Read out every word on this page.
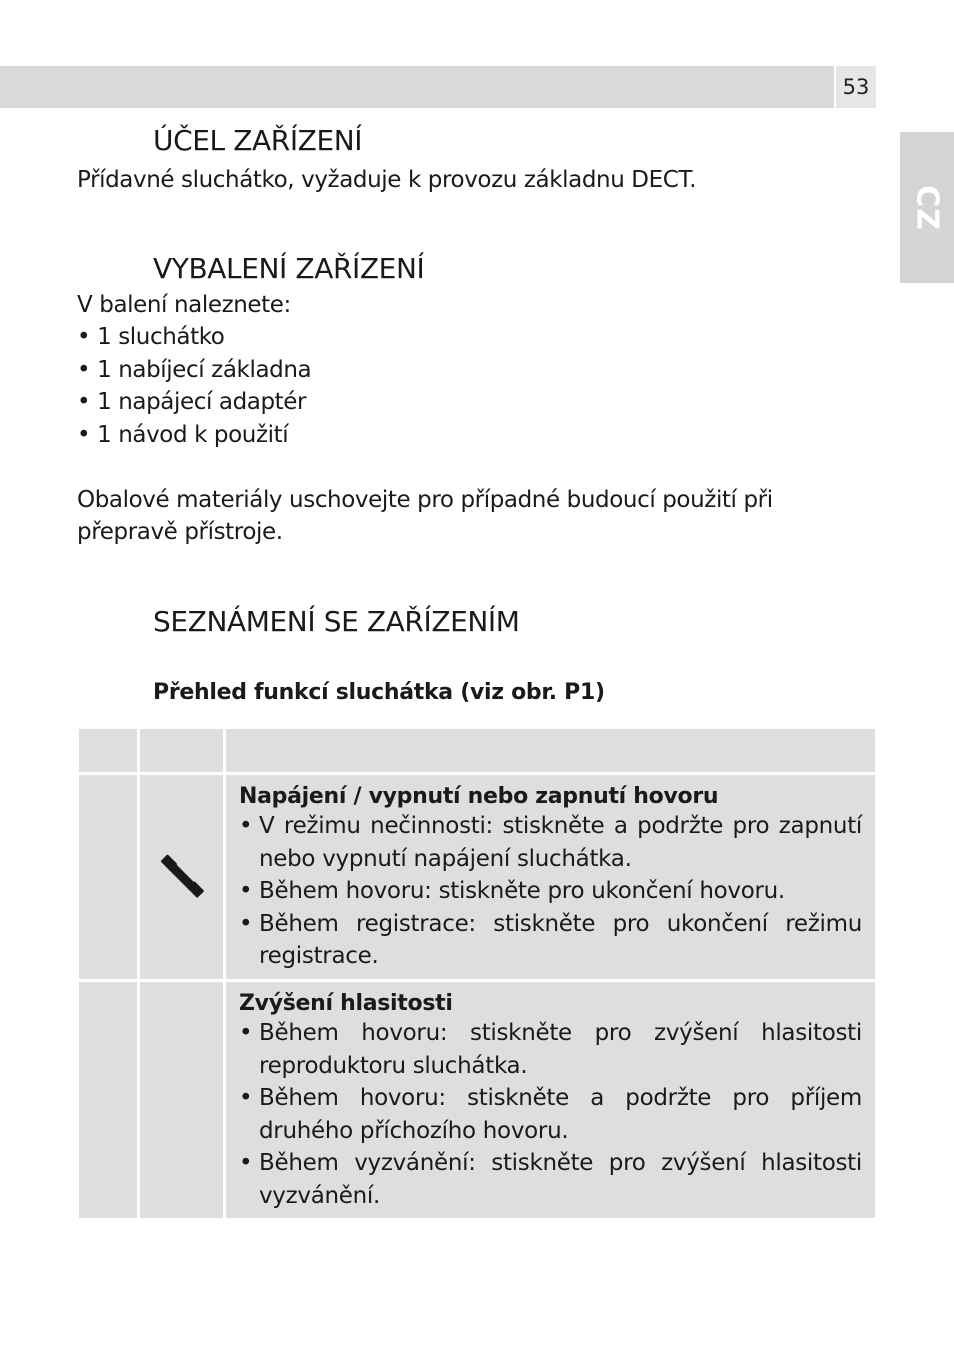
53
CZ
ÚČEL ZAŘÍZENÍ
Přídavné sluchátko, vyžaduje k provozu základnu DECT.
VYBALENÍ ZAŘÍZENÍ
V balení naleznete:
• 1 sluchátko
• 1 nabíjecí základna
• 1 napájecí adaptér
• 1 návod k použití
Obalové materiály uschovejte pro případné budoucí použití při
přepravě přístroje.
SEZNÁMENÍ SE ZAŘÍZENÍM
Přehled funkcí sluchátka (viz obr. P1)
Napájení / vypnutí nebo zapnutí hovoru
• V režimu nečinnosti: stiskněte a podržte pro zapnutí nebo vypnutí napájení sluchátka.
• Během hovoru: stiskněte pro ukončení hovoru.
• Během registrace: stiskněte pro ukončení režimu registrace.
Zvýšení hlasitosti
• Během hovoru: stiskněte pro zvýšení hlasitosti reproduktoru sluchátka.
• Během hovoru: stiskněte a podržte pro příjem druhého příchozího hovoru.
• Během vyzvánění: stiskněte pro zvýšení hlasitosti vyzvánění.
